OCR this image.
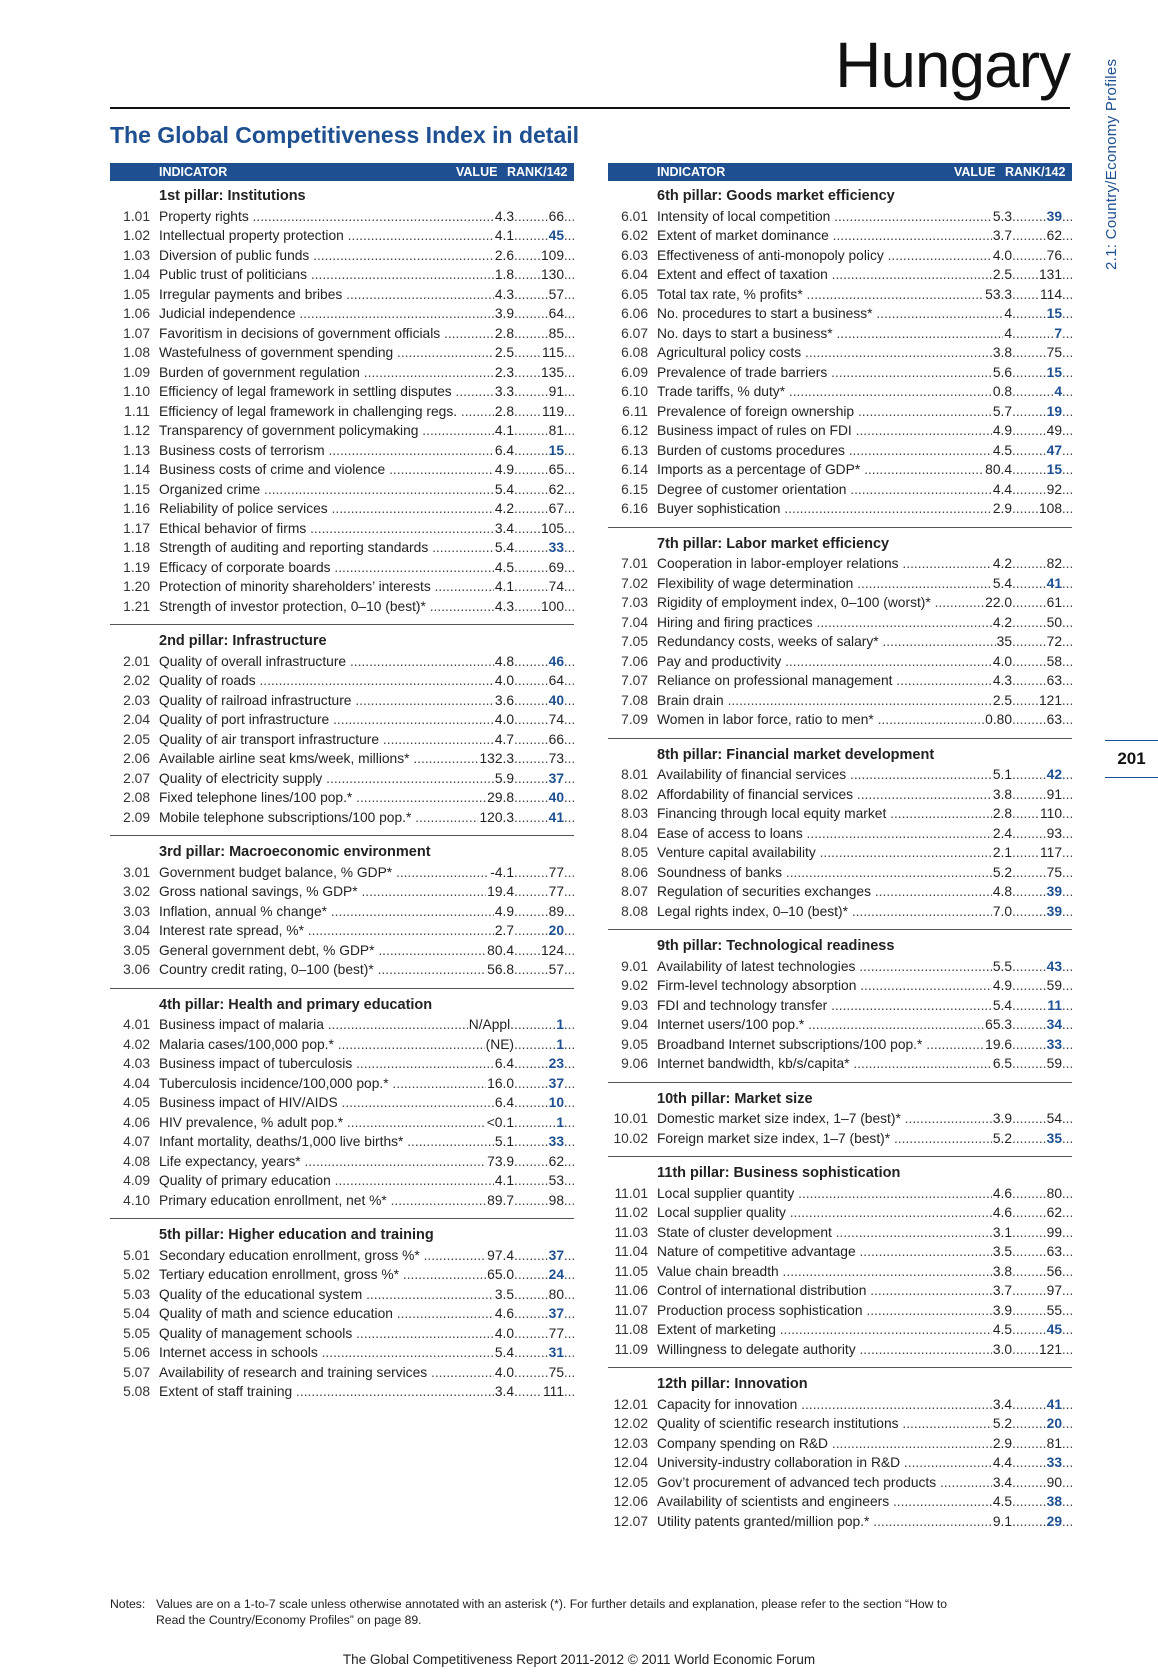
Hungary
The Global Competitiveness Index in detail	2.1: Country/Economy Profiles
201
INDICATOR	VALUE RANK/142
1st pillar: Institutions
1.01 Property rights .....	4.3	..... 66
1.02 Intellectual property protection .....	4.1	..... 45
1.03 Diversion of public funds .....	2.6	..... 109
1.04 Public trust of politicians .....	1.8	..... 130
1.05 Irregular payments and bribes .....	4.3	..... 57
1.06 Judicial independence .....	3.9	..... 64
1.07 Favoritism in decisions of government officials .....	2.8	..... 85
1.08 Wastefulness of government spending .....	2.5	..... 115
1.09 Burden of government regulation .....	2.3	..... 135
1.10 Efficiency of legal framework in settling disputes .....	3.3	..... 91
1.11 Efficiency of legal framework in challenging regs. .....	2.8	..... 119
1.12 Transparency of government policymaking .....	4.1	..... 81
1.13 Business costs of terrorism .....	6.4	..... 15
1.14 Business costs of crime and violence .....	4.9	..... 65
1.15 Organized crime .....	5.4	..... 62
1.16 Reliability of police services .....	4.2	..... 67
1.17 Ethical behavior of firms .....	3.4	..... 105
1.18 Strength of auditing and reporting standards .....	5.4	..... 33
1.19 Efficacy of corporate boards .....	4.5	..... 69
1.20 Protection of minority shareholders’ interests .....	4.1	..... 74
1.21 Strength of investor protection, 0–10 (best)* .....	4.3	..... 100
2nd pillar: Infrastructure
2.01 Quality of overall infrastructure .....	4.8	..... 46
2.02 Quality of roads .....	4.0	..... 64
2.03 Quality of railroad infrastructure .....	3.6	..... 40
2.04 Quality of port infrastructure .....	4.0	..... 74
2.05 Quality of air transport infrastructure .....	4.7	..... 66
2.06 Available airline seat kms/week, millions* .....	132.3	..... 73
2.07 Quality of electricity supply .....	5.9	..... 37
2.08 Fixed telephone lines/100 pop.* .....	29.8	..... 40
2.09 Mobile telephone subscriptions/100 pop.* .....	120.3	..... 41
3rd pillar: Macroeconomic environment
3.01 Government budget balance, % GDP* .....	-4.1	..... 77
3.02 Gross national savings, % GDP* .....	19.4	..... 77
3.03 Inflation, annual % change* .....	4.9	..... 89
3.04 Interest rate spread, %* .....	2.7	..... 20
3.05 General government debt, % GDP* .....	80.4	..... 124
3.06 Country credit rating, 0–100 (best)* .....	56.8	..... 57
4th pillar: Health and primary education
4.01 Business impact of malaria .....	N/Appl.	..... 1
4.02 Malaria cases/100,000 pop.* .....	(NE)	..... 1
4.03 Business impact of tuberculosis .....	6.4	..... 23
4.04 Tuberculosis incidence/100,000 pop.* .....	16.0	..... 37
4.05 Business impact of HIV/AIDS .....	6.4	..... 10
4.06 HIV prevalence, % adult pop.* .....	<0.1	..... 1
4.07 Infant mortality, deaths/1,000 live births* .....	5.1	..... 33
4.08 Life expectancy, years* .....	73.9	..... 62
4.09 Quality of primary education .....	4.1	..... 53
4.10 Primary education enrollment, net %* .....	89.7	..... 98
5th pillar: Higher education and training
5.01 Secondary education enrollment, gross %* .....	97.4	..... 37
5.02 Tertiary education enrollment, gross %* .....	65.0	..... 24
5.03 Quality of the educational system .....	3.5	..... 80
5.04 Quality of math and science education .....	4.6	..... 37
5.05 Quality of management schools .....	4.0	..... 77
5.06 Internet access in schools .....	5.4	..... 31
5.07 Availability of research and training services .....	4.0	..... 75
5.08 Extent of staff training .....	3.4	..... 111
INDICATOR	VALUE RANK/142
6th pillar: Goods market efficiency
6.01 Intensity of local competition .....	5.3	..... 39
6.02 Extent of market dominance .....	3.7	..... 62
6.03 Effectiveness of anti-monopoly policy .....	4.0	..... 76
6.04 Extent and effect of taxation .....	2.5	..... 131
6.05 Total tax rate, % profits* .....	53.3	..... 114
6.06 No. procedures to start a business* .....	4	..... 15
6.07 No. days to start a business* .....	4	..... 7
6.08 Agricultural policy costs .....	3.8	..... 75
6.09 Prevalence of trade barriers .....	5.6	..... 15
6.10 Trade tariffs, % duty* .....	0.8	..... 4
6.11 Prevalence of foreign ownership .....	5.7	..... 19
6.12 Business impact of rules on FDI .....	4.9	..... 49
6.13 Burden of customs procedures .....	4.5	..... 47
6.14 Imports as a percentage of GDP* .....	80.4	..... 15
6.15 Degree of customer orientation .....	4.4	..... 92
6.16 Buyer sophistication .....	2.9	..... 108
7th pillar: Labor market efficiency
7.01 Cooperation in labor-employer relations .....	4.2	..... 82
7.02 Flexibility of wage determination .....	5.4	..... 41
7.03 Rigidity of employment index, 0–100 (worst)* .....	22.0	..... 61
7.04 Hiring and firing practices .....	4.2	..... 50
7.05 Redundancy costs, weeks of salary* .....	35	..... 72
7.06 Pay and productivity .....	4.0	..... 58
7.07 Reliance on professional management .....	4.3	..... 63
7.08 Brain drain .....	2.5	..... 121
7.09 Women in labor force, ratio to men* .....	0.80	..... 63
8th pillar: Financial market development
8.01 Availability of financial services .....	5.1	..... 42
8.02 Affordability of financial services .....	3.8	..... 91
8.03 Financing through local equity market .....	2.8	..... 110
8.04 Ease of access to loans .....	2.4	..... 93
8.05 Venture capital availability .....	2.1	..... 117
8.06 Soundness of banks .....	5.2	..... 75
8.07 Regulation of securities exchanges .....	4.8	..... 39
8.08 Legal rights index, 0–10 (best)* .....	7.0	..... 39
9th pillar: Technological readiness
9.01 Availability of latest technologies .....	5.5	..... 43
9.02 Firm-level technology absorption .....	4.9	..... 59
9.03 FDI and technology transfer .....	5.4	..... 11
9.04 Internet users/100 pop.* .....	65.3	..... 34
9.05 Broadband Internet subscriptions/100 pop.* .....	19.6	..... 33
9.06 Internet bandwidth, kb/s/capita* .....	6.5	..... 59
10th pillar: Market size
10.01 Domestic market size index, 1–7 (best)* .....	3.9	..... 54
10.02 Foreign market size index, 1–7 (best)* .....	5.2	..... 35
11th pillar: Business sophistication
11.01 Local supplier quantity .....	4.6	..... 80
11.02 Local supplier quality .....	4.6	..... 62
11.03 State of cluster development .....	3.1	..... 99
11.04 Nature of competitive advantage .....	3.5	..... 63
11.05 Value chain breadth .....	3.8	..... 56
11.06 Control of international distribution .....	3.7	..... 97
11.07 Production process sophistication .....	3.9	..... 55
11.08 Extent of marketing .....	4.5	..... 45
11.09 Willingness to delegate authority .....	3.0	..... 121
12th pillar: Innovation
12.01 Capacity for innovation .....	3.4	..... 41
12.02 Quality of scientific research institutions .....	5.2	..... 20
12.03 Company spending on R&D .....	2.9	..... 81
12.04 University-industry collaboration in R&D .....	4.4	..... 33
12.05 Gov’t procurement of advanced tech products .....	3.4	..... 90
12.06 Availability of scientists and engineers .....	4.5	..... 38
12.07 Utility patents granted/million pop.* .....	9.1	..... 29
Notes: Values are on a 1-to-7 scale unless otherwise annotated with an asterisk (*). For further details and explanation, please refer to the section “How to
Read the Country/Economy Profiles” on page 89.
The Global Competitiveness Report 2011-2012 © 2011 World Economic Forum
